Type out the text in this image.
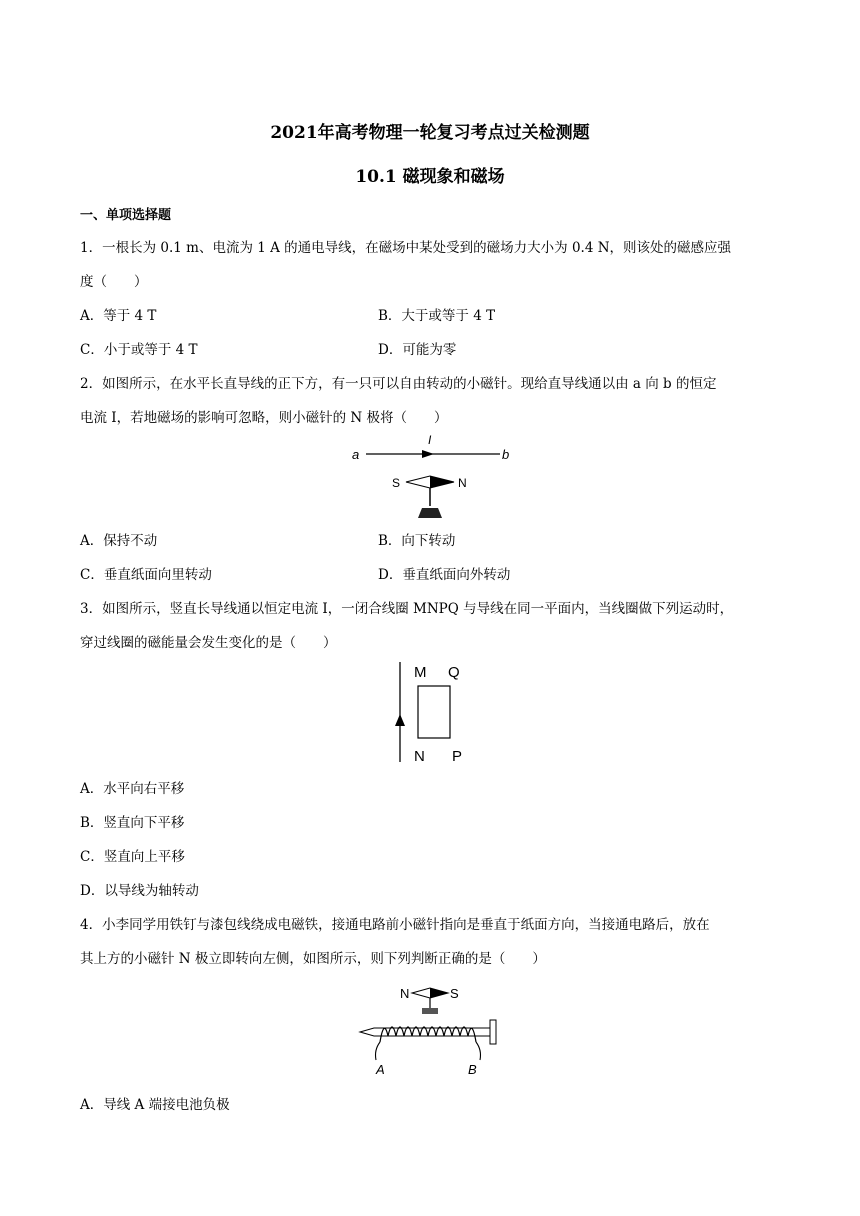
2021年高考物理一轮复习考点过关检测题
10.1 磁现象和磁场
一、单项选择题
1．一根长为 0.1 m、电流为 1 A 的通电导线，在磁场中某处受到的磁场力大小为 0.4 N，则该处的磁感应强
度（　　）
A．等于 4 T	B．大于或等于 4 T
C．小于或等于 4 T	D．可能为零
2．如图所示，在水平长直导线的正下方，有一只可以自由转动的小磁针。现给直导线通以由 a 向 b 的恒定
电流 I，若地磁场的影响可忽略，则小磁针的 N 极将（　　）
a	b
I
S	N
A．保持不动	B．向下转动
C．垂直纸面向里转动	D．垂直纸面向外转动
3．如图所示，竖直长导线通以恒定电流 I，一闭合线圈 MNPQ 与导线在同一平面内，当线圈做下列运动时，
穿过线圈的磁能量会发生变化的是（　　）
M Q
N P
A．水平向右平移
B．竖直向下平移
C．竖直向上平移
D．以导线为轴转动
4．小李同学用铁钉与漆包线绕成电磁铁，接通电路前小磁针指向是垂直于纸面方向，当接通电路后，放在
其上方的小磁针 N 极立即转向左侧，如图所示，则下列判断正确的是（　　）
N	S
A	B
A．导线 A 端接电池负极
